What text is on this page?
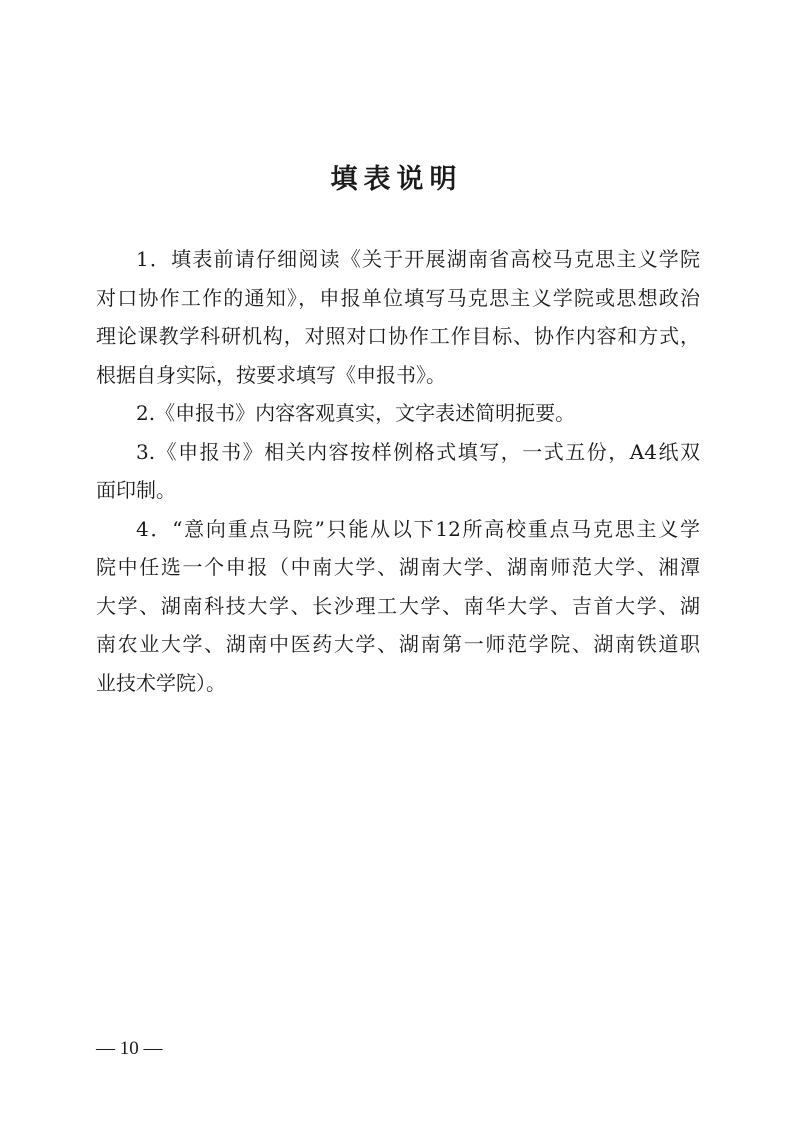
填表说明
1．填表前请仔细阅读《关于开展湖南省高校马克思主义学院
对口协作工作的通知》，申报单位填写马克思主义学院或思想政治
理论课教学科研机构，对照对口协作工作目标、协作内容和方式，
根据自身实际，按要求填写《申报书》。
2.《申报书》内容客观真实，文字表述简明扼要。
3.《申报书》相关内容按样例格式填写，一式五份，A4纸双
面印制。
4．“意向重点马院”只能从以下12所高校重点马克思主义学
院中任选一个申报（中南大学、湖南大学、湖南师范大学、湘潭
大学、湖南科技大学、长沙理工大学、南华大学、吉首大学、湖
南农业大学、湖南中医药大学、湖南第一师范学院、湖南铁道职
业技术学院）。
— 10 —
